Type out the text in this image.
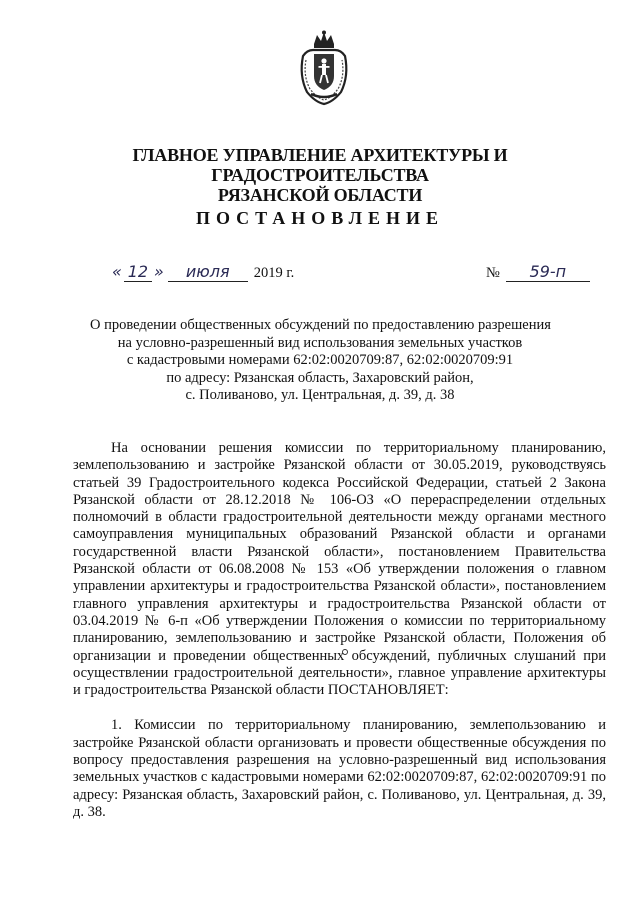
ГЛАВНОЕ УПРАВЛЕНИЕ АРХИТЕКТУРЫ И ГРАДОСТРОИТЕЛЬСТВА
РЯЗАНСКОЙ ОБЛАСТИ
ПОСТАНОВЛЕНИЕ
« 12 »	июля	2019 г.	№	59-п
О проведении общественных обсуждений по предоставлению разрешения
на условно-разрешенный вид использования земельных участков
с кадастровыми номерами 62:02:0020709:87, 62:02:0020709:91
по адресу: Рязанская область, Захаровский район,
с. Поливаново, ул. Центральная, д. 39, д. 38

На основании решения комиссии по территориальному планированию, землепользованию и застройке Рязанской области от 30.05.2019, руководствуясь статьей 39 Градостроительного кодекса Российской Федерации, статьей 2 Закона Рязанской области от 28.12.2018 № 106-ОЗ «О перераспределении отдельных полномочий в области градостроительной деятельности между органами местного самоуправления муниципальных образований Рязанской области и органами государственной власти Рязанской области», постановлением Правительства Рязанской области от 06.08.2008 № 153 «Об утверждении положения о главном управлении архитектуры и градостроительства Рязанской области», постановлением главного управления архитектуры и градостроительства Рязанской области от 03.04.2019 № 6-п «Об утверждении Положения о комиссии по территориальному планированию, землепользованию и застройке Рязанской области, Положения об организации и проведении общественных обсуждений, публичных слушаний при осуществлении градостроительной деятельности», главное управление архитектуры и градостроительства Рязанской области ПОСТАНОВЛЯЕТ:

1. Комиссии по территориальному планированию, землепользованию и застройке Рязанской области организовать и провести общественные обсуждения по вопросу предоставления разрешения на условно-разрешенный вид использования земельных участков с кадастровыми номерами 62:02:0020709:87, 62:02:0020709:91 по адресу: Рязанская область, Захаровский район, с. Поливаново, ул. Центральная, д. 39, д. 38.
